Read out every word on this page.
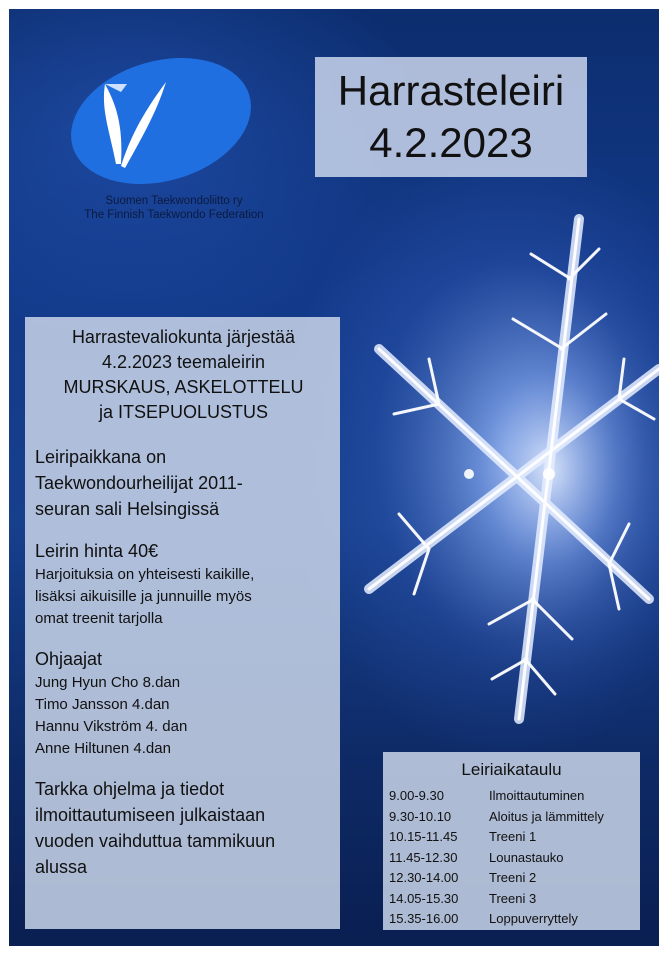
Suomen Taekwondoliitto ry
The Finnish Taekwondo Federation
Harrasteleiri
4.2.2023
Harrastevaliokunta järjestää
4.2.2023 teemaleirin
MURSKAUS, ASKELOTTELU
ja ITSEPUOLUSTUS
Leiripaikkana on
Taekwondourheilijat 2011-
seuran sali Helsingissä
Leirin hinta 40€
Harjoituksia on yhteisesti kaikille,
lisäksi aikuisille ja junnuille myös
omat treenit tarjolla
Ohjaajat
Jung Hyun Cho 8.dan
Timo Jansson 4.dan
Hannu Vikström 4. dan
Anne Hiltunen 4.dan
Tarkka ohjelma ja tiedot
ilmoittautumiseen julkaistaan
vuoden vaihduttua tammikuun
alussa
Leiriaikataulu
9.00-9.30	Ilmoittautuminen
9.30-10.10	Aloitus ja lämmittely
10.15-11.45	Treeni 1
11.45-12.30	Lounastauko
12.30-14.00	Treeni 2
14.05-15.30	Treeni 3
15.35-16.00	Loppuverryttely
